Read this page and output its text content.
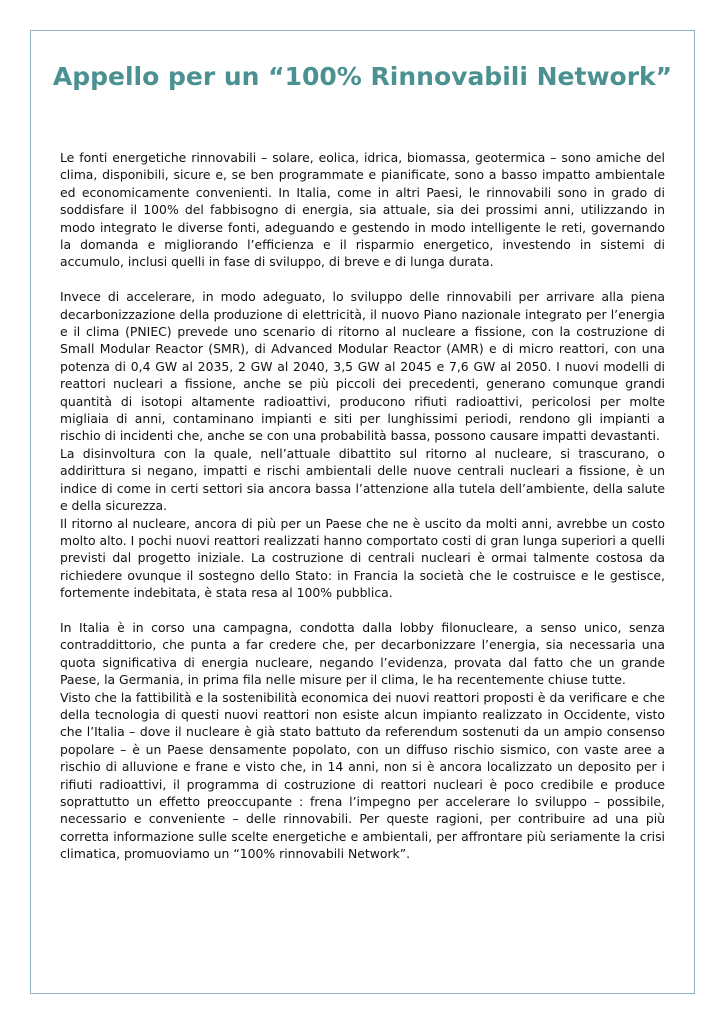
Appello per un “100% Rinnovabili Network”

Le fonti energetiche rinnovabili – solare, eolica, idrica, biomassa, geotermica – sono amiche del clima, disponibili, sicure e, se ben programmate e pianificate, sono a basso impatto ambientale ed economicamente convenienti. In Italia, come in altri Paesi, le rinnovabili sono in grado di soddisfare il 100% del fabbisogno di energia, sia attuale, sia dei prossimi anni, utilizzando in modo integrato le diverse fonti, adeguando e gestendo in modo intelligente le reti, governando la domanda e migliorando l’efficienza e il risparmio energetico, investendo in sistemi di accumulo, inclusi quelli in fase di sviluppo, di breve e di lunga durata.

Invece di accelerare, in modo adeguato, lo sviluppo delle rinnovabili per arrivare alla piena decarbonizzazione della produzione di elettricità, il nuovo Piano nazionale integrato per l’energia e il clima (PNIEC) prevede uno scenario di ritorno al nucleare a fissione, con la costruzione di Small Modular Reactor (SMR), di Advanced Modular Reactor (AMR) e di micro reattori, con una potenza di 0,4 GW al 2035, 2 GW al 2040, 3,5 GW al 2045 e 7,6 GW al 2050. I nuovi modelli di reattori nucleari a fissione, anche se più piccoli dei precedenti, generano comunque grandi quantità di isotopi altamente radioattivi, producono rifiuti radioattivi, pericolosi per molte migliaia di anni, contaminano impianti e siti per lunghissimi periodi, rendono gli impianti a rischio di incidenti che, anche se con una probabilità bassa, possono causare impatti devastanti.

La disinvoltura con la quale, nell’attuale dibattito sul ritorno al nucleare, si trascurano, o addirittura si negano, impatti e rischi ambientali delle nuove centrali nucleari a fissione, è un indice di come in certi settori sia ancora bassa l’attenzione alla tutela dell’ambiente, della salute e della sicurezza.

Il ritorno al nucleare, ancora di più per un Paese che ne è uscito da molti anni, avrebbe un costo molto alto. I pochi nuovi reattori realizzati hanno comportato costi di gran lunga superiori a quelli previsti dal progetto iniziale. La costruzione di centrali nucleari è ormai talmente costosa da richiedere ovunque il sostegno dello Stato: in Francia la società che le costruisce e le gestisce, fortemente indebitata, è stata resa al 100% pubblica.

In Italia è in corso una campagna, condotta dalla lobby filonucleare, a senso unico, senza contraddittorio, che punta a far credere che, per decarbonizzare l’energia, sia necessaria una quota significativa di energia nucleare, negando l’evidenza, provata dal fatto che un grande Paese, la Germania, in prima fila nelle misure per il clima, le ha recentemente chiuse tutte.

Visto che la fattibilità e la sostenibilità economica dei nuovi reattori proposti è da verificare e che della tecnologia di questi nuovi reattori non esiste alcun impianto realizzato in Occidente, visto che l’Italia – dove il nucleare è già stato battuto da referendum sostenuti da un ampio consenso popolare – è un Paese densamente popolato, con un diffuso rischio sismico, con vaste aree a rischio di alluvione e frane e visto che, in 14 anni, non si è ancora localizzato un deposito per i rifiuti radioattivi, il programma di costruzione di reattori nucleari è poco credibile e produce soprattutto un effetto preoccupante : frena l’impegno per accelerare lo sviluppo – possibile, necessario e conveniente – delle rinnovabili. Per queste ragioni, per contribuire ad una più corretta informazione sulle scelte energetiche e ambientali, per affrontare più seriamente la crisi climatica, promuoviamo un “100% rinnovabili Network”.
